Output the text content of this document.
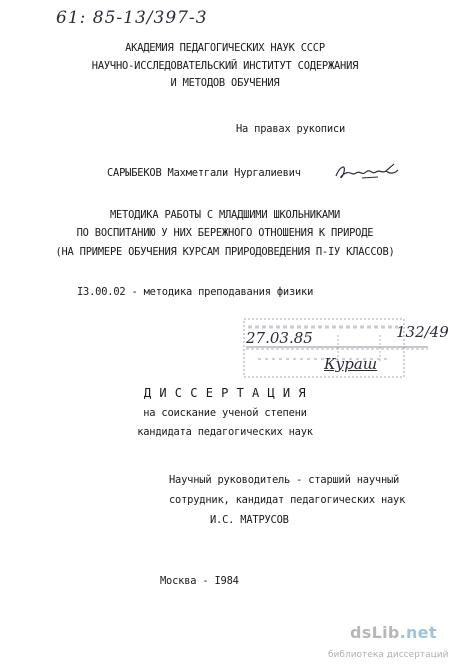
61: 85-13/397-3
АКАДЕМИЯ ПЕДАГОГИЧЕСКИХ НАУК СССР
НАУЧНО-ИССЛЕДОВАТЕЛЬСКИЙ ИНСТИТУТ СОДЕРЖАНИЯ
И МЕТОДОВ ОБУЧЕНИЯ
На правах рукописи
САРЫБЕКОВ Махметгали Нургалиевич
МЕТОДИКА РАБОТЫ С МЛАДШИМИ ШКОЛЬНИКАМИ
ПО ВОСПИТАНИЮ У НИХ БЕРЕЖНОГО ОТНОШЕНИЯ К ПРИРОДЕ
(НА ПРИМЕРЕ ОБУЧЕНИЯ КУРСАМ ПРИРОДОВЕДЕНИЯ П-IУ КЛАССОВ)
I3.00.02 - методика преподавания физики
27.03.85	132/49
Кураш
Д И С С Е Р Т А Ц И Я
на соискание ученой степени
кандидата педагогических наук
Научный руководитель - старший научный
сотрудник, кандидат педагогических наук
И.С. МАТРУСОВ
Москва - I984
dsLib.net
библиотека диссертаций
